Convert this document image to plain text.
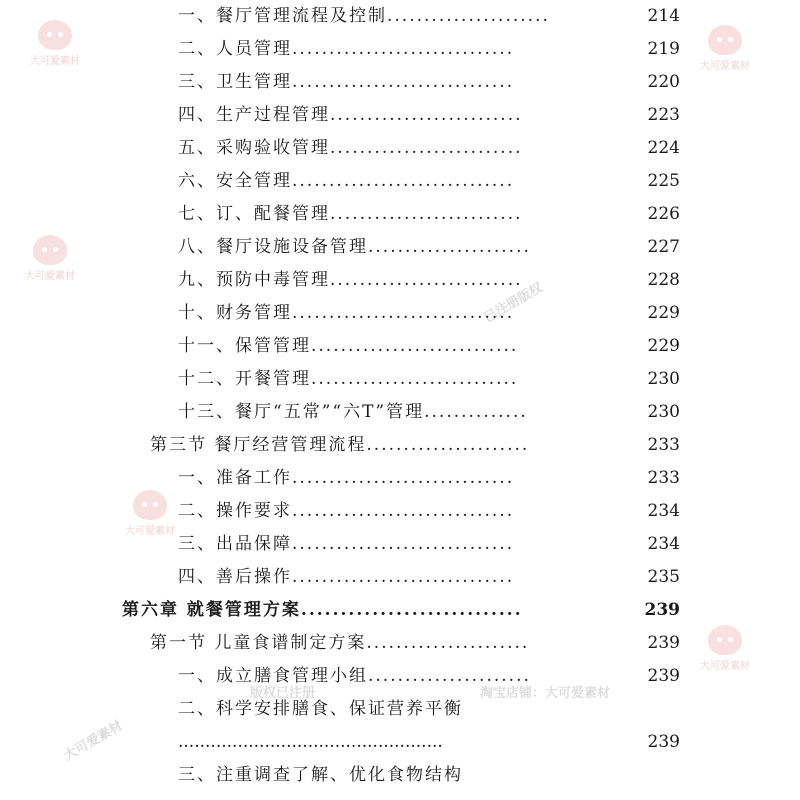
大可爱素材	大可爱素材
大可爱素材
大可爱素材
大可爱素材
版权已注册	淘宝店铺：大可爱素材
已注册版权
大可爱素材
一、餐厅管理流程及控制......................	214
二、人员管理..............................	219
三、卫生管理..............................	220
四、生产过程管理..........................	223
五、采购验收管理..........................	224
六、安全管理..............................	225
七、订、配餐管理..........................	226
八、餐厅设施设备管理......................	227
九、预防中毒管理..........................	228
十、财务管理..............................	229
十一、保管管理............................	229
十二、开餐管理............................	230
十三、餐厅“五常”“六T”管理..............	230
第三节 餐厅经营管理流程......................	233
一、准备工作..............................	233
二、操作要求..............................	234
三、出品保障..............................	234
四、善后操作..............................	235
第六章 就餐管理方案............................	239
第一节 儿童食谱制定方案......................	239
一、成立膳食管理小组......................	239
二、科学安排膳食、保证营养平衡
.................................................	239
三、注重调查了解、优化食物结构
